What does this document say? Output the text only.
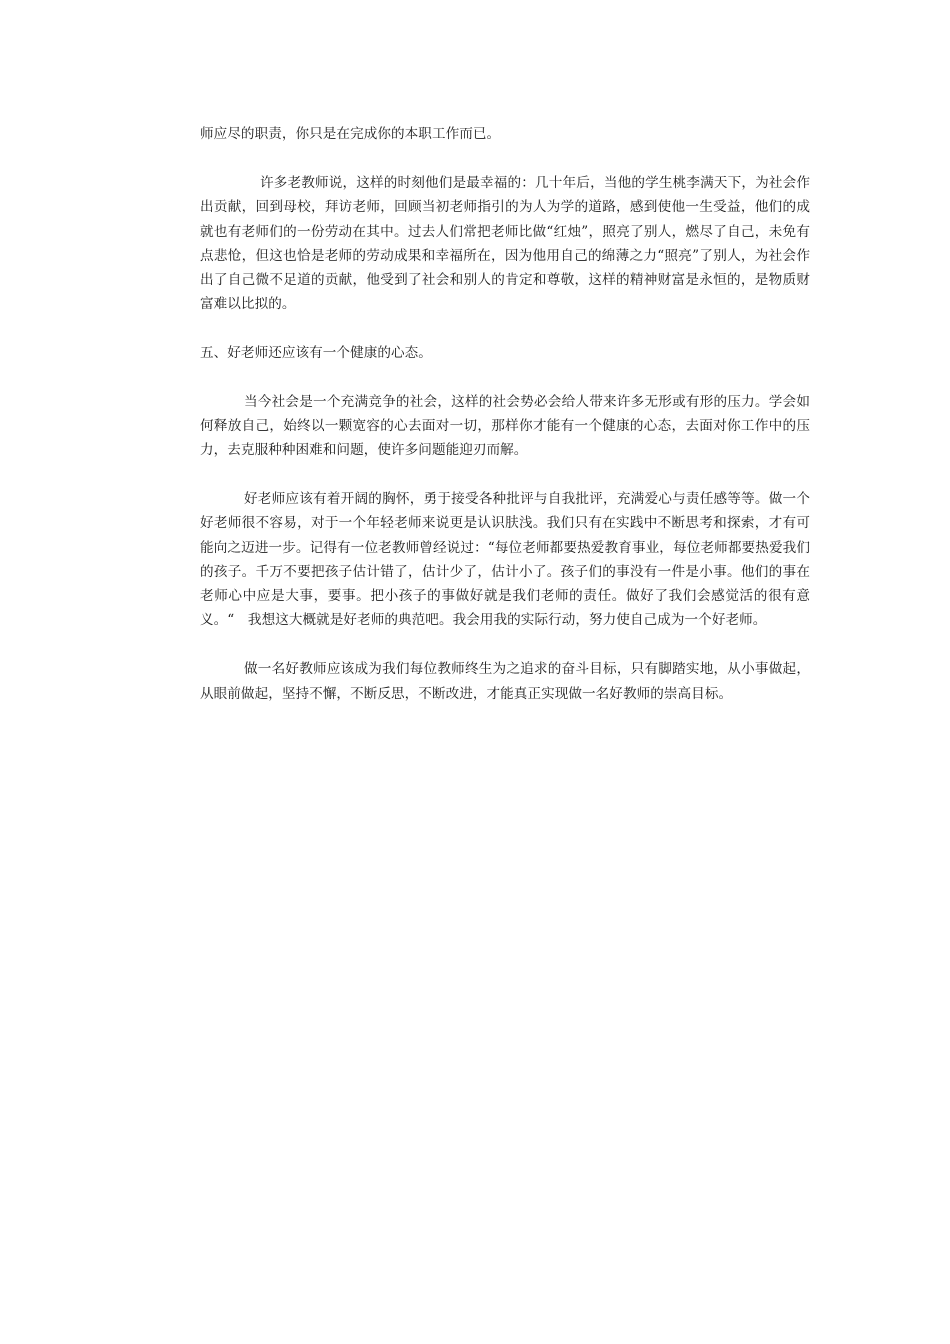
师应尽的职责，你只是在完成你的本职工作而已。

许多老教师说，这样的时刻他们是最幸福的：几十年后，当他的学生桃李满天下，为社会作出贡献，回到母校，拜访老师，回顾当初老师指引的为人为学的道路，感到使他一生受益，他们的成就也有老师们的一份劳动在其中。过去人们常把老师比做“红烛”，照亮了别人，燃尽了自己，未免有点悲怆，但这也恰是老师的劳动成果和幸福所在，因为他用自己的绵薄之力“照亮”了别人，为社会作出了自己微不足道的贡献，他受到了社会和别人的肯定和尊敬，这样的精神财富是永恒的，是物质财富难以比拟的。

五、好老师还应该有一个健康的心态。

当今社会是一个充满竞争的社会，这样的社会势必会给人带来许多无形或有形的压力。学会如何释放自己，始终以一颗宽容的心去面对一切，那样你才能有一个健康的心态，去面对你工作中的压力，去克服种种困难和问题，使许多问题能迎刃而解。

好老师应该有着开阔的胸怀，勇于接受各种批评与自我批评，充满爱心与责任感等等。做一个好老师很不容易，对于一个年轻老师来说更是认识肤浅。我们只有在实践中不断思考和探索，才有可能向之迈进一步。记得有一位老教师曾经说过：“每位老师都要热爱教育事业，每位老师都要热爱我们的孩子。千万不要把孩子估计错了，估计少了，估计小了。孩子们的事没有一件是小事。他们的事在老师心中应是大事，要事。把小孩子的事做好就是我们老师的责任。做好了我们会感觉活的很有意义。“　我想这大概就是好老师的典范吧。我会用我的实际行动，努力使自己成为一个好老师。

做一名好教师应该成为我们每位教师终生为之追求的奋斗目标，只有脚踏实地，从小事做起，从眼前做起，坚持不懈，不断反思，不断改进，才能真正实现做一名好教师的崇高目标。
